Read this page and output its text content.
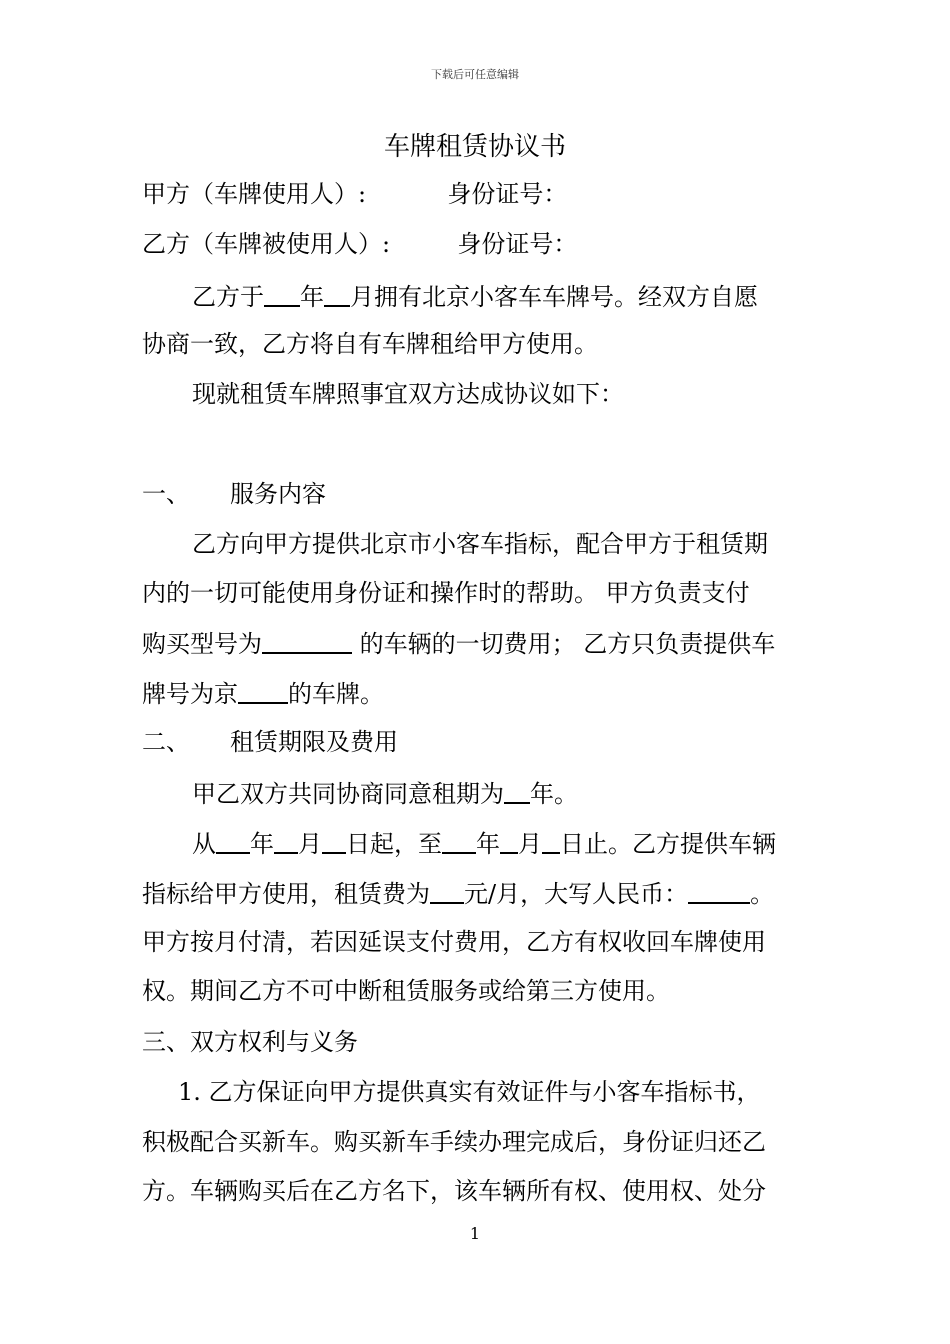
下载后可任意编辑
车牌租赁协议书
甲方（车牌使用人）:	身份证号：
乙方（车牌被使用人）:	身份证号：
乙方于 年 月拥有北京小客车车牌号。经双方自愿
协商一致，乙方将自有车牌租给甲方使用。
现就租赁车牌照事宜双方达成协议如下：
一、 服务内容
乙方向甲方提供北京市小客车指标，配合甲方于租赁期
内的一切可能使用身份证和操作时的帮助。 甲方负责支付
购买型号为	的车辆的一切费用； 乙方只负责提供车
牌号为京 的车牌。
二、 租赁期限及费用
甲乙双方共同协商同意租期为 年。
从 年 月 日起，至 年 月 日止。乙方提供车辆
指标给甲方使用，租赁费为 元/月，大写人民币：	。
甲方按月付清，若因延误支付费用，乙方有权收回车牌使用
权。期间乙方不可中断租赁服务或给第三方使用。
三、双方权利与义务
1. 乙方保证向甲方提供真实有效证件与小客车指标书，
积极配合买新车。购买新车手续办理完成后，身份证归还乙
方。车辆购买后在乙方名下，该车辆所有权、使用权、处分
1
